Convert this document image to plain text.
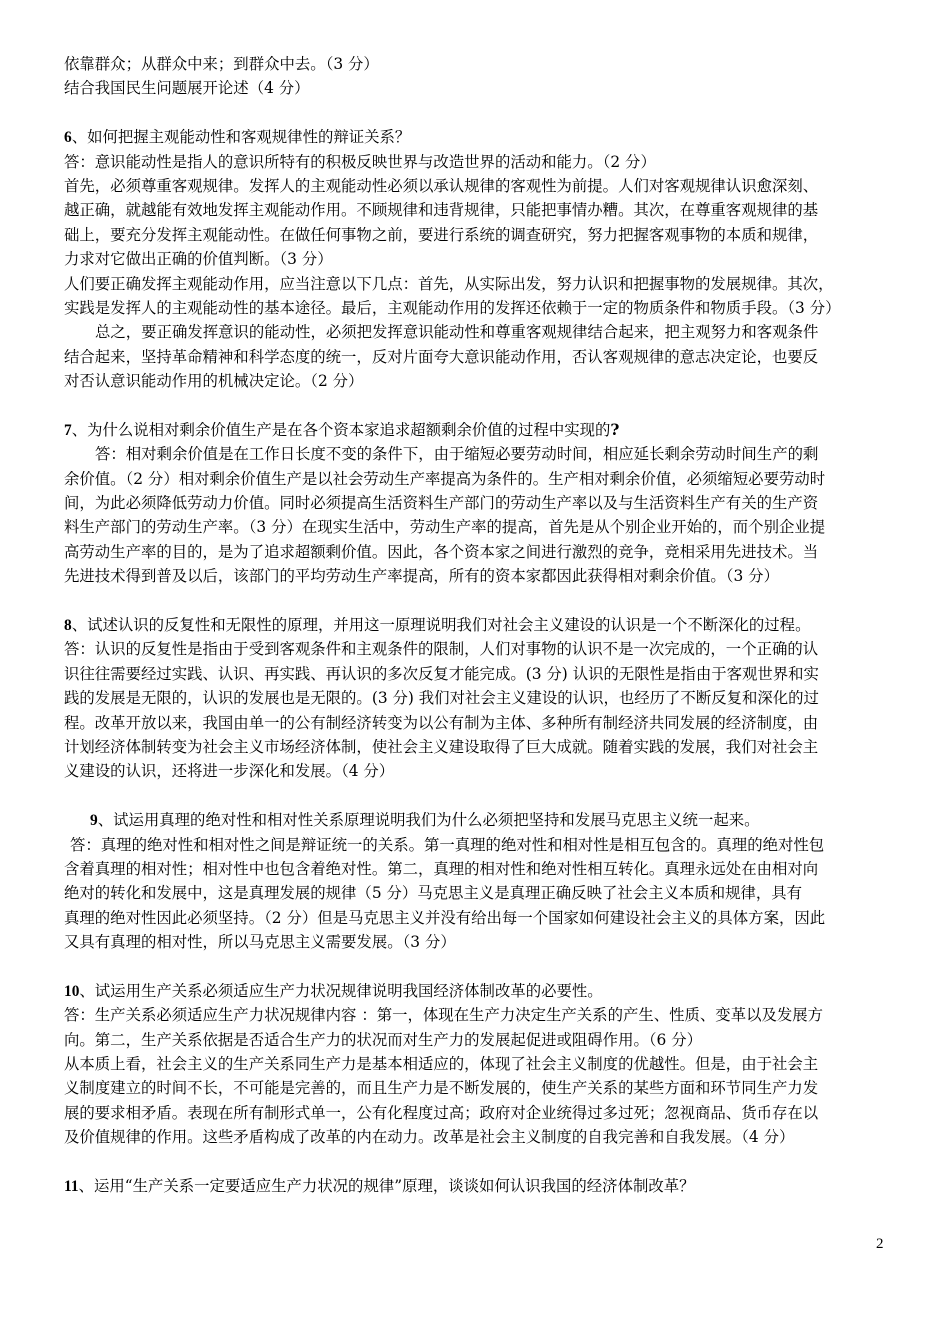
依靠群众；从群众中来；到群众中去。（3 分）
结合我国民生问题展开论述（4 分）
6、如何把握主观能动性和客观规律性的辩证关系？
答：意识能动性是指人的意识所特有的积极反映世界与改造世界的活动和能力。（2 分）
首先，必须尊重客观规律。发挥人的主观能动性必须以承认规律的客观性为前提。人们对客观规律认识愈深刻、
越正确，就越能有效地发挥主观能动作用。不顾规律和违背规律，只能把事情办糟。其次，在尊重客观规律的基
础上，要充分发挥主观能动性。在做任何事物之前，要进行系统的调查研究，努力把握客观事物的本质和规律，
力求对它做出正确的价值判断。（3 分）
人们要正确发挥主观能动作用，应当注意以下几点：首先，从实际出发，努力认识和把握事物的发展规律。其次，
实践是发挥人的主观能动性的基本途径。最后，主观能动作用的发挥还依赖于一定的物质条件和物质手段。（3 分）
总之，要正确发挥意识的能动性，必须把发挥意识能动性和尊重客观规律结合起来，把主观努力和客观条件
结合起来，坚持革命精神和科学态度的统一，反对片面夸大意识能动作用，否认客观规律的意志决定论，也要反
对否认意识能动作用的机械决定论。（2 分）
7、为什么说相对剩余价值生产是在各个资本家追求超额剩余价值的过程中实现的?
答：相对剩余价值是在工作日长度不变的条件下，由于缩短必要劳动时间，相应延长剩余劳动时间生产的剩
余价值。（2 分）相对剩余价值生产是以社会劳动生产率提高为条件的。生产相对剩余价值，必须缩短必要劳动时
间，为此必须降低劳动力价值。同时必须提高生活资料生产部门的劳动生产率以及与生活资料生产有关的生产资
料生产部门的劳动生产率。（3 分）在现实生活中，劳动生产率的提高，首先是从个别企业开始的，而个别企业提
高劳动生产率的目的，是为了追求超额剩价值。因此，各个资本家之间进行激烈的竞争，竞相采用先进技术。当
先进技术得到普及以后，该部门的平均劳动生产率提高，所有的资本家都因此获得相对剩余价值。（3 分）
8、试述认识的反复性和无限性的原理，并用这一原理说明我们对社会主义建设的认识是一个不断深化的过程。
答：认识的反复性是指由于受到客观条件和主观条件的限制，人们对事物的认识不是一次完成的，一个正确的认
识往往需要经过实践、认识、再实践、再认识的多次反复才能完成。(3 分) 认识的无限性是指由于客观世界和实
践的发展是无限的，认识的发展也是无限的。(3 分) 我们对社会主义建设的认识，也经历了不断反复和深化的过
程。改革开放以来，我国由单一的公有制经济转变为以公有制为主体、多种所有制经济共同发展的经济制度，由
计划经济体制转变为社会主义市场经济体制，使社会主义建设取得了巨大成就。随着实践的发展，我们对社会主
义建设的认识，还将进一步深化和发展。（4 分）
9、试运用真理的绝对性和相对性关系原理说明我们为什么必须把坚持和发展马克思主义统一起来。
答：真理的绝对性和相对性之间是辩证统一的关系。第一真理的绝对性和相对性是相互包含的。真理的绝对性包
含着真理的相对性；相对性中也包含着绝对性。第二，真理的相对性和绝对性相互转化。真理永远处在由相对向
绝对的转化和发展中，这是真理发展的规律（5 分）马克思主义是真理正确反映了社会主义本质和规律，具有
真理的绝对性因此必须坚持。（2 分）但是马克思主义并没有给出每一个国家如何建设社会主义的具体方案，因此
又具有真理的相对性，所以马克思主义需要发展。（3 分）
10、试运用生产关系必须适应生产力状况规律说明我国经济体制改革的必要性。
答：生产关系必须适应生产力状况规律内容 ：第一，体现在生产力决定生产关系的产生、性质、变革以及发展方
向。第二，生产关系依据是否适合生产力的状况而对生产力的发展起促进或阻碍作用。（6 分）
从本质上看，社会主义的生产关系同生产力是基本相适应的，体现了社会主义制度的优越性。但是，由于社会主
义制度建立的时间不长，不可能是完善的，而且生产力是不断发展的，使生产关系的某些方面和环节同生产力发
展的要求相矛盾。表现在所有制形式单一，公有化程度过高；政府对企业统得过多过死；忽视商品、货币存在以
及价值规律的作用。这些矛盾构成了改革的内在动力。改革是社会主义制度的自我完善和自我发展。（4 分）
11、运用“生产关系一定要适应生产力状况的规律”原理，谈谈如何认识我国的经济体制改革？
2
